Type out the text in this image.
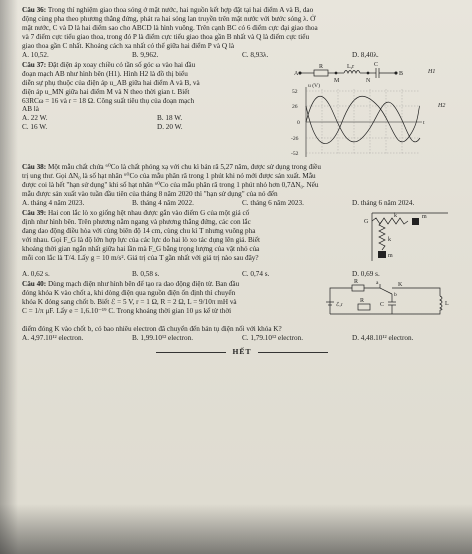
Câu 36: Trong thí nghiệm giao thoa sóng ở mặt nước, hai nguồn kết hợp đặt tại hai điểm A và B, dao

động cùng pha theo phương thẳng đứng, phát ra hai sóng lan truyền trên mặt nước với bước sóng λ. Ở

mặt nước, C và D là hai điểm sao cho ABCD là hình vuông. Trên cạnh BC có 6 điểm cực đại giao thoa

và 7 điểm cực tiểu giao thoa, trong đó P là điểm cực tiểu giao thoa gần B nhất và Q là điểm cực tiểu

giao thoa gần C nhất. Khoảng cách xa nhất có thể giữa hai điểm P và Q là

A. 10,52.	B. 9,962.	C. 8,93λ.	D. 8,40λ.

Câu 37: Đặt điện áp xoay chiều có tần số góc ω vào hai đầu

đoạn mạch AB như hình bên (H1). Hình H2 là đồ thị biểu

diễn sự phụ thuộc của điện áp u_AB giữa hai điểm A và B, và

điện áp u_MN giữa hai điểm M và N theo thời gian t. Biết

63RCω = 16 và r = 18 Ω. Công suất tiêu thụ của đoạn mạch

AB là

A. 22 W.	B. 18 W.
C. 16 W.	D. 20 W.
A
R	L,r	C
M	N
B	H1
52
26
0
-26
-52
u (V)
t
H2

Câu 38: Một mẫu chất chứa ⁶⁰Co là chất phóng xạ với chu kì bán rã 5,27 năm, được sử dụng trong điều

trị ung thư. Gọi ΔN₀ là số hạt nhân ⁶⁰Co của mẫu phân rã trong 1 phút khi nó mới được sản xuất. Mẫu

được coi là hết "hạn sử dụng" khi số hạt nhân ⁶⁰Co của mẫu phân rã trong 1 phút nhỏ hơn 0,7ΔN₀. Nếu

mẫu được sản xuất vào tuần đầu tiên của tháng 8 năm 2020 thì "hạn sử dụng" của nó đến

A. tháng 4 năm 2023.	B. tháng 4 năm 2022.	C. tháng 6 năm 2023.	D. tháng 6 năm 2024.

Câu 39: Hai con lắc lò xo giống hệt nhau được gắn vào điểm G của một giá cố

định như hình bên. Trên phương nằm ngang và phương thẳng đứng, các con lắc

đang dao động điều hòa với cùng biên độ 14 cm, cùng chu kì T nhưng vuông pha

với nhau. Gọi F_G là độ lớn hợp lực của các lực do hai lò xo tác dụng lên giá. Biết

khoảng thời gian ngắn nhất giữa hai lần mà F_G bằng trọng lượng của vật nhỏ của

mỗi con lắc là T/4. Lấy g = 10 m/s². Giá trị của T gần nhất với giá trị nào sau đây?

G
k	m
k
m
A. 0,62 s.	B. 0,58 s.	C. 0,74 s.	D. 0,69 s.

Câu 40: Dùng mạch điện như hình bên để tạo ra dao động điện từ. Ban đầu

đóng khóa K vào chốt a, khi dòng điện qua nguồn điện ổn định thì chuyển

khóa K đóng sang chốt b. Biết ℰ = 5 V, r = 1 Ω, R = 2 Ω, L = 9/10π mH và

C = 1/π μF. Lấy e = 1,6.10⁻¹⁹ C. Trong khoảng thời gian 10 μs kể từ thời

R	K
a
b
ℰ,r
R
C	L

điểm đóng K vào chốt b, có bao nhiêu electron đã chuyển đến bản tụ điện nối với khóa K?

A. 4,97.10¹² electron.	B. 1,99.10¹² electron.	C. 1,79.10¹² electron.	D. 4,48.10¹² electron.
HẾT
